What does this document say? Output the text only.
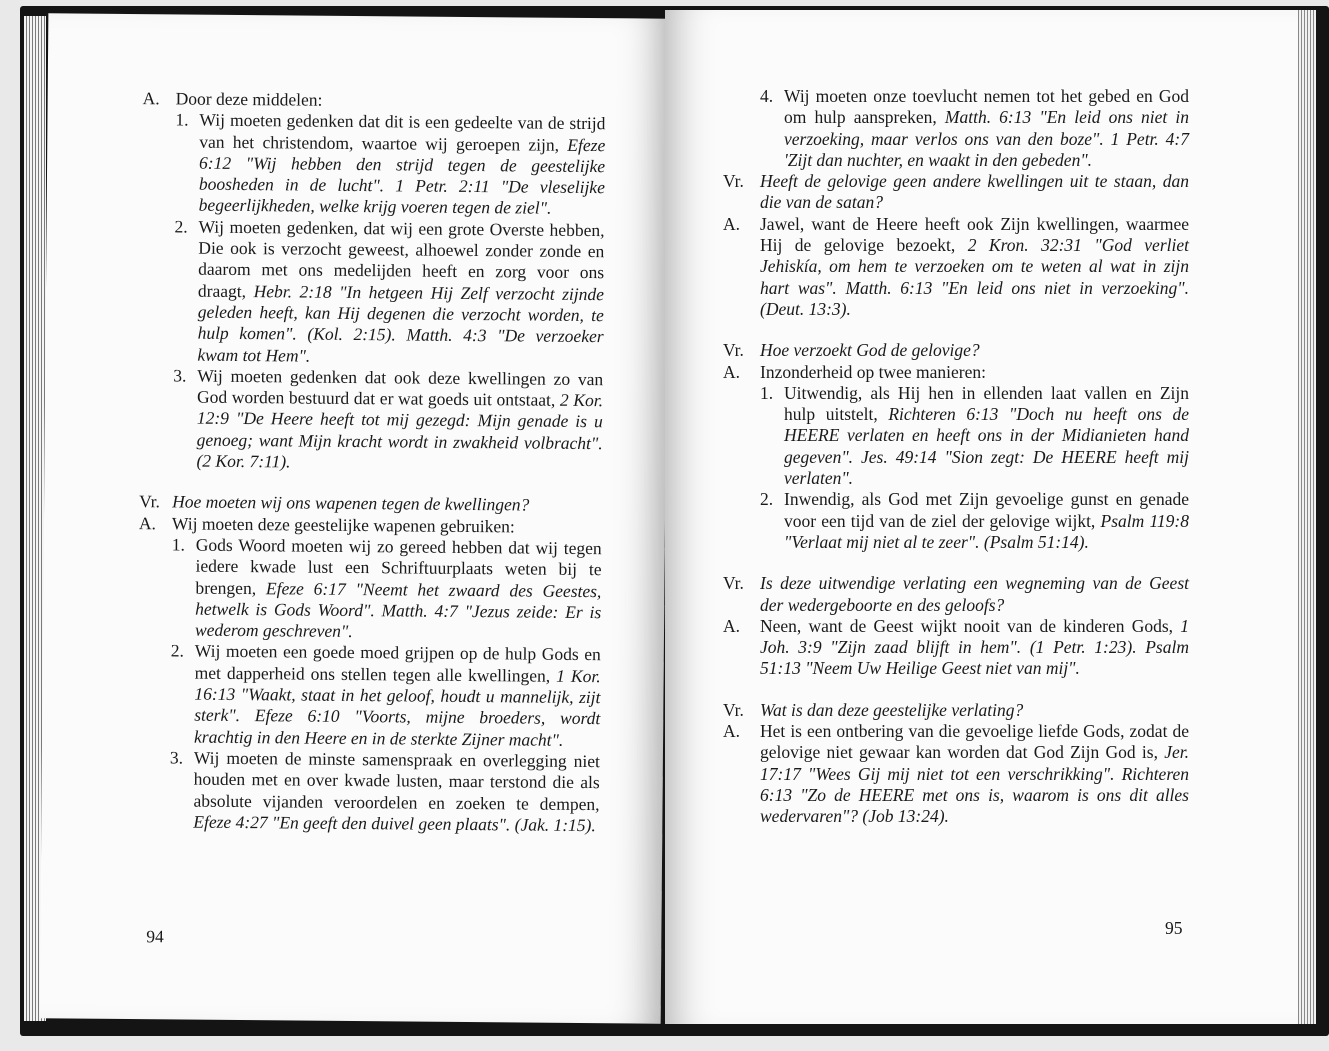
A. Door deze middelen:
1. Wij moeten gedenken dat dit is een gedeelte van de strijd van het christendom, waartoe wij geroepen zijn, Efeze 6:12 "Wij hebben den strijd tegen de geestelijke boosheden in de lucht". 1 Petr. 2:11 "De vleselijke begeerlijkheden, welke krijg voeren tegen de ziel".
2. Wij moeten gedenken, dat wij een grote Overste hebben, Die ook is verzocht geweest, alhoewel zonder zonde en daarom met ons medelijden heeft en zorg voor ons draagt, Hebr. 2:18 "In hetgeen Hij Zelf verzocht zijnde geleden heeft, kan Hij degenen die verzocht worden, te hulp komen". (Kol. 2:15). Matth. 4:3 "De verzoeker kwam tot Hem".
3. Wij moeten gedenken dat ook deze kwellingen zo van God worden bestuurd dat er wat goeds uit ontstaat, 2 Kor. 12:9 "De Heere heeft tot mij gezegd: Mijn genade is u genoeg; want Mijn kracht wordt in zwakheid volbracht". (2 Kor. 7:11).
Vr. Hoe moeten wij ons wapenen tegen de kwellingen?
A. Wij moeten deze geestelijke wapenen gebruiken:
1. Gods Woord moeten wij zo gereed hebben dat wij tegen iedere kwade lust een Schriftuurplaats weten bij te brengen, Efeze 6:17 "Neemt het zwaard des Geestes, hetwelk is Gods Woord". Matth. 4:7 "Jezus zeide: Er is wederom geschreven".
2. Wij moeten een goede moed grijpen op de hulp Gods en met dapperheid ons stellen tegen alle kwellingen, 1 Kor. 16:13 "Waakt, staat in het geloof, houdt u mannelijk, zijt sterk". Efeze 6:10 "Voorts, mijne broeders, wordt krachtig in den Heere en in de sterkte Zijner macht".
3. Wij moeten de minste samenspraak en overlegging niet houden met en over kwade lusten, maar terstond die als absolute vijanden veroordelen en zoeken te dempen, Efeze 4:27 "En geeft den duivel geen plaats". (Jak. 1:15).
94
4. Wij moeten onze toevlucht nemen tot het gebed en God om hulp aanspreken, Matth. 6:13 "En leid ons niet in verzoeking, maar verlos ons van den boze". 1 Petr. 4:7 'Zijt dan nuchter, en waakt in den gebeden".
Vr. Heeft de gelovige geen andere kwellingen uit te staan, dan die van de satan?
A.	Jawel, want de Heere heeft ook Zijn kwellingen, waarmee Hij de gelovige bezoekt, 2 Kron. 32:31 "God verliet Jehiskía, om hem te verzoeken om te weten al wat in zijn hart was". Matth. 6:13 "En leid ons niet in verzoeking". (Deut. 13:3).
Vr. Hoe verzoekt God de gelovige?
A.	Inzonderheid op twee manieren:
1. Uitwendig, als Hij hen in ellenden laat vallen en Zijn hulp uitstelt, Richteren 6:13 "Doch nu heeft ons de HEERE verlaten en heeft ons in der Midianieten hand gegeven". Jes. 49:14 "Sion zegt: De HEERE heeft mij verlaten".
2. Inwendig, als God met Zijn gevoelige gunst en genade voor een tijd van de ziel der gelovige wijkt, Psalm 119:8 "Verlaat mij niet al te zeer". (Psalm 51:14).
Vr. Is deze uitwendige verlating een wegneming van de Geest der wedergeboorte en des geloofs?
A.	Neen, want de Geest wijkt nooit van de kinderen Gods, 1 Joh. 3:9 "Zijn zaad blijft in hem". (1 Petr. 1:23). Psalm 51:13 "Neem Uw Heilige Geest niet van mij".
Vr. Wat is dan deze geestelijke verlating?
A.	Het is een ontbering van die gevoelige liefde Gods, zodat de gelovige niet gewaar kan worden dat God Zijn God is, Jer. 17:17 "Wees Gij mij niet tot een verschrikking". Richteren 6:13 "Zo de HEERE met ons is, waarom is ons dit alles wedervaren"? (Job 13:24).
95
